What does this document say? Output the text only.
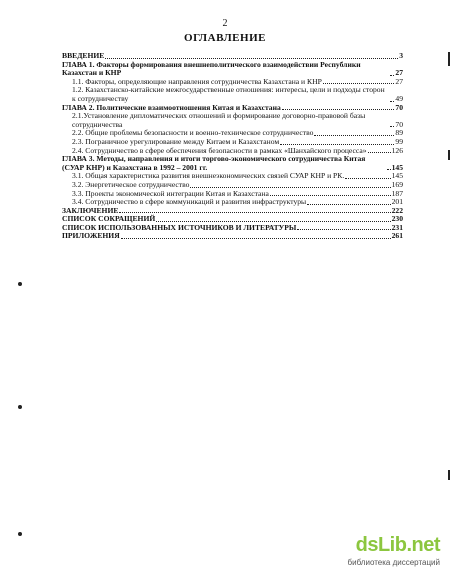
2
ОГЛАВЛЕНИЕ
ВВЕДЕНИЕ	3
ГЛАВА 1. Факторы формирования внешнеполитического взаимодействии Республики Казахстан и КНР	27
1.1. Факторы, определяющие направления сотрудничества Казахстана и КНР	27
1.2. Казахстанско-китайские межгосударственные отношения: интересы, цели и подходы сторон к сотрудничеству	49
ГЛАВА 2. Политические взаимоотношения Китая и Казахстана	70
2.1.Установление дипломатических отношений и формирование договорно-правовой базы сотрудничества	70
2.2. Общие проблемы безопасности и военно-техническое сотрудничество	89
2.3. Пограничное урегулирование между Китаем и Казахстаном	99
2.4. Сотрудничество в сфере обеспечения безопасности в рамках «Шанхайского процесса»	126
ГЛАВА 3. Методы, направления и итоги торгово-экономического сотрудничества Китая (СУАР КНР) и Казахстана в 1992 – 2001 гг.	145
3.1. Общая характеристика развития внешнеэкономических связей СУАР КНР и РК.	145
3.2. Энергетическое сотрудничество	169
3.3. Проекты экономической интеграции Китая и Казахстана	187
3.4. Сотрудничество в сфере коммуникаций и развития инфраструктуры	201
ЗАКЛЮЧЕНИЕ	222
СПИСОК СОКРАЩЕНИЙ	230
СПИСОК ИСПОЛЬЗОВАННЫХ ИСТОЧНИКОВ И ЛИТЕРАТУРЫ	231
ПРИЛОЖЕНИЯ	261
dsLib.net
библиотека диссертаций
